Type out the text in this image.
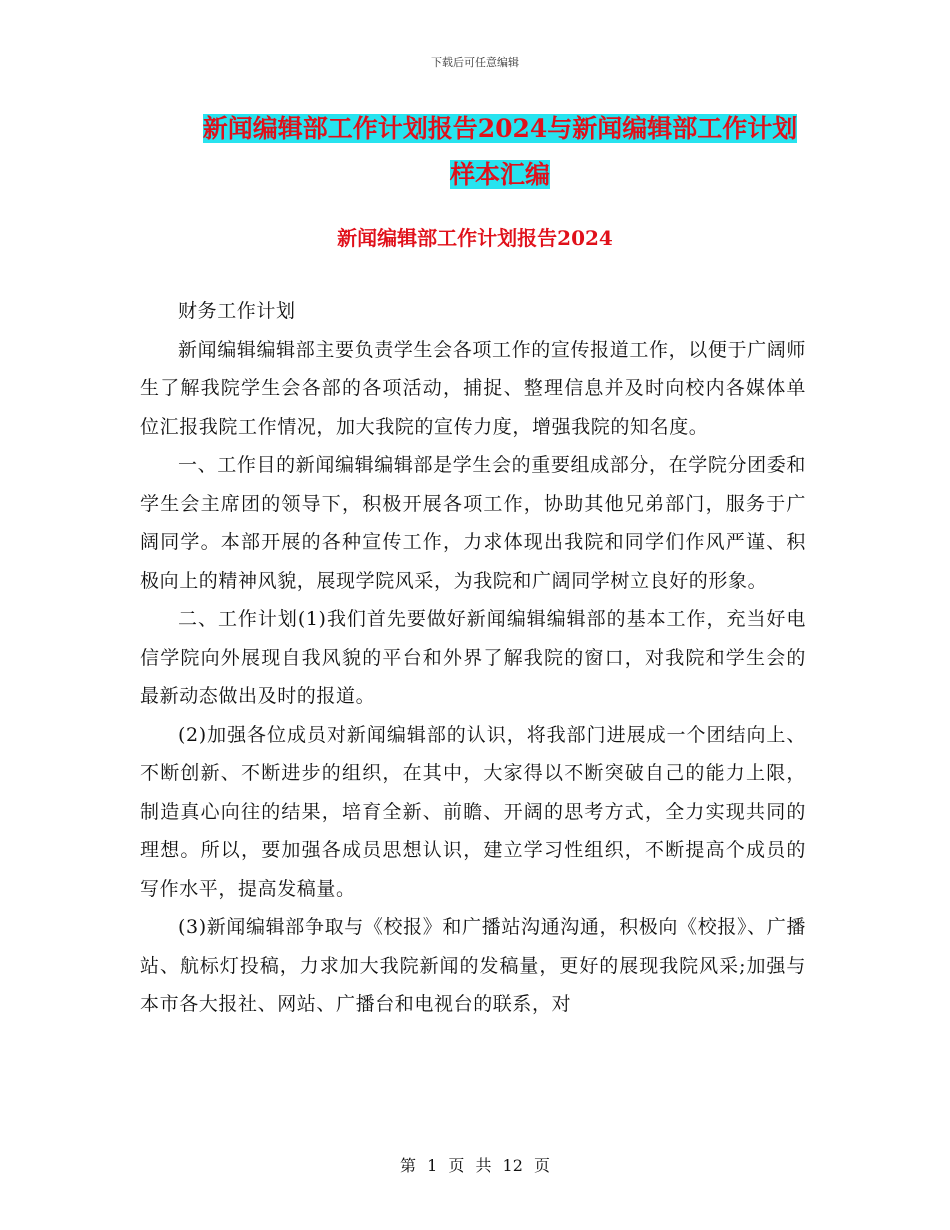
下载后可任意编辑
新闻编辑部工作计划报告2024与新闻编辑部工作计划
样本汇编
新闻编辑部工作计划报告2024

财务工作计划

新闻编辑编辑部主要负责学生会各项工作的宣传报道工作，以便于广阔师生了解我院学生会各部的各项活动，捕捉、整理信息并及时向校内各媒体单位汇报我院工作情况，加大我院的宣传力度，增强我院的知名度。

一、工作目的新闻编辑编辑部是学生会的重要组成部分，在学院分团委和学生会主席团的领导下，积极开展各项工作，协助其他兄弟部门，服务于广阔同学。本部开展的各种宣传工作，力求体现出我院和同学们作风严谨、积极向上的精神风貌，展现学院风采，为我院和广阔同学树立良好的形象。

二、工作计划(1)我们首先要做好新闻编辑编辑部的基本工作，充当好电信学院向外展现自我风貌的平台和外界了解我院的窗口，对我院和学生会的最新动态做出及时的报道。

(2)加强各位成员对新闻编辑部的认识，将我部门进展成一个团结向上、不断创新、不断进步的组织，在其中，大家得以不断突破自己的能力上限，制造真心向往的结果，培育全新、前瞻、开阔的思考方式，全力实现共同的理想。所以，要加强各成员思想认识，建立学习性组织，不断提高个成员的写作水平，提高发稿量。

(3)新闻编辑部争取与《校报》和广播站沟通沟通，积极向《校报》、广播站、航标灯投稿，力求加大我院新闻的发稿量，更好的展现我院风采;加强与本市各大报社、网站、广播台和电视台的联系，对

第 1 页 共 12 页
